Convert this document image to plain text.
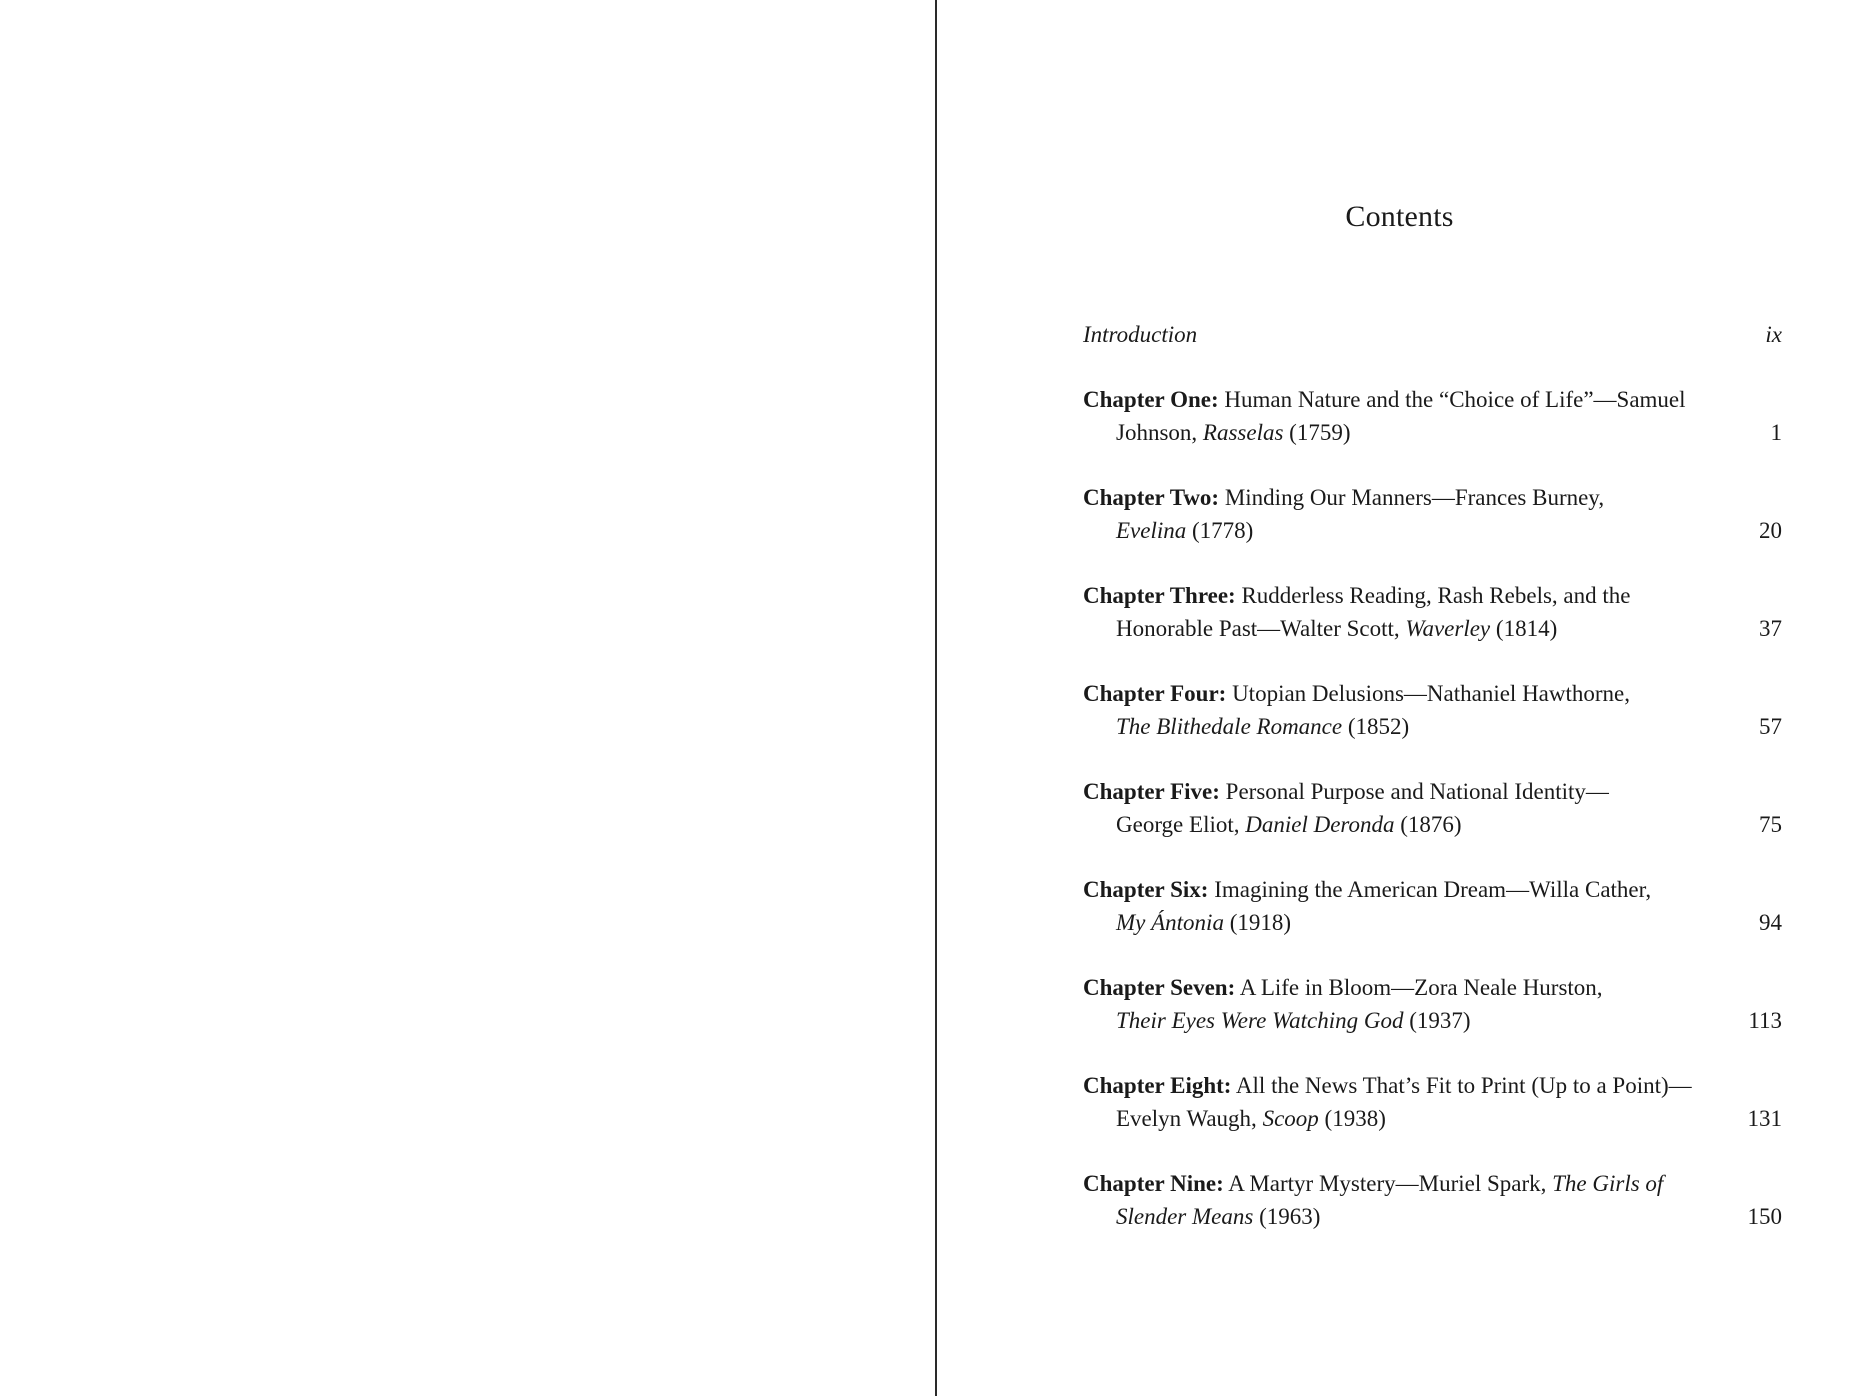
Contents
Introduction	ix
Chapter One: Human Nature and the “Choice of Life”—Samuel
Johnson, Rasselas (1759)	1
Chapter Two: Minding Our Manners—Frances Burney,
Evelina (1778)	20
Chapter Three: Rudderless Reading, Rash Rebels, and the
Honorable Past—Walter Scott, Waverley (1814)	37
Chapter Four: Utopian Delusions—Nathaniel Hawthorne,
The Blithedale Romance (1852)	57
Chapter Five: Personal Purpose and National Identity—
George Eliot, Daniel Deronda (1876)	75
Chapter Six: Imagining the American Dream—Willa Cather,
My Ántonia (1918)	94
Chapter Seven: A Life in Bloom—Zora Neale Hurston,
Their Eyes Were Watching God (1937)	113
Chapter Eight: All the News That’s Fit to Print (Up to a Point)—
Evelyn Waugh, Scoop (1938)	131
Chapter Nine: A Martyr Mystery—Muriel Spark, The Girls of
Slender Means (1963)	150
